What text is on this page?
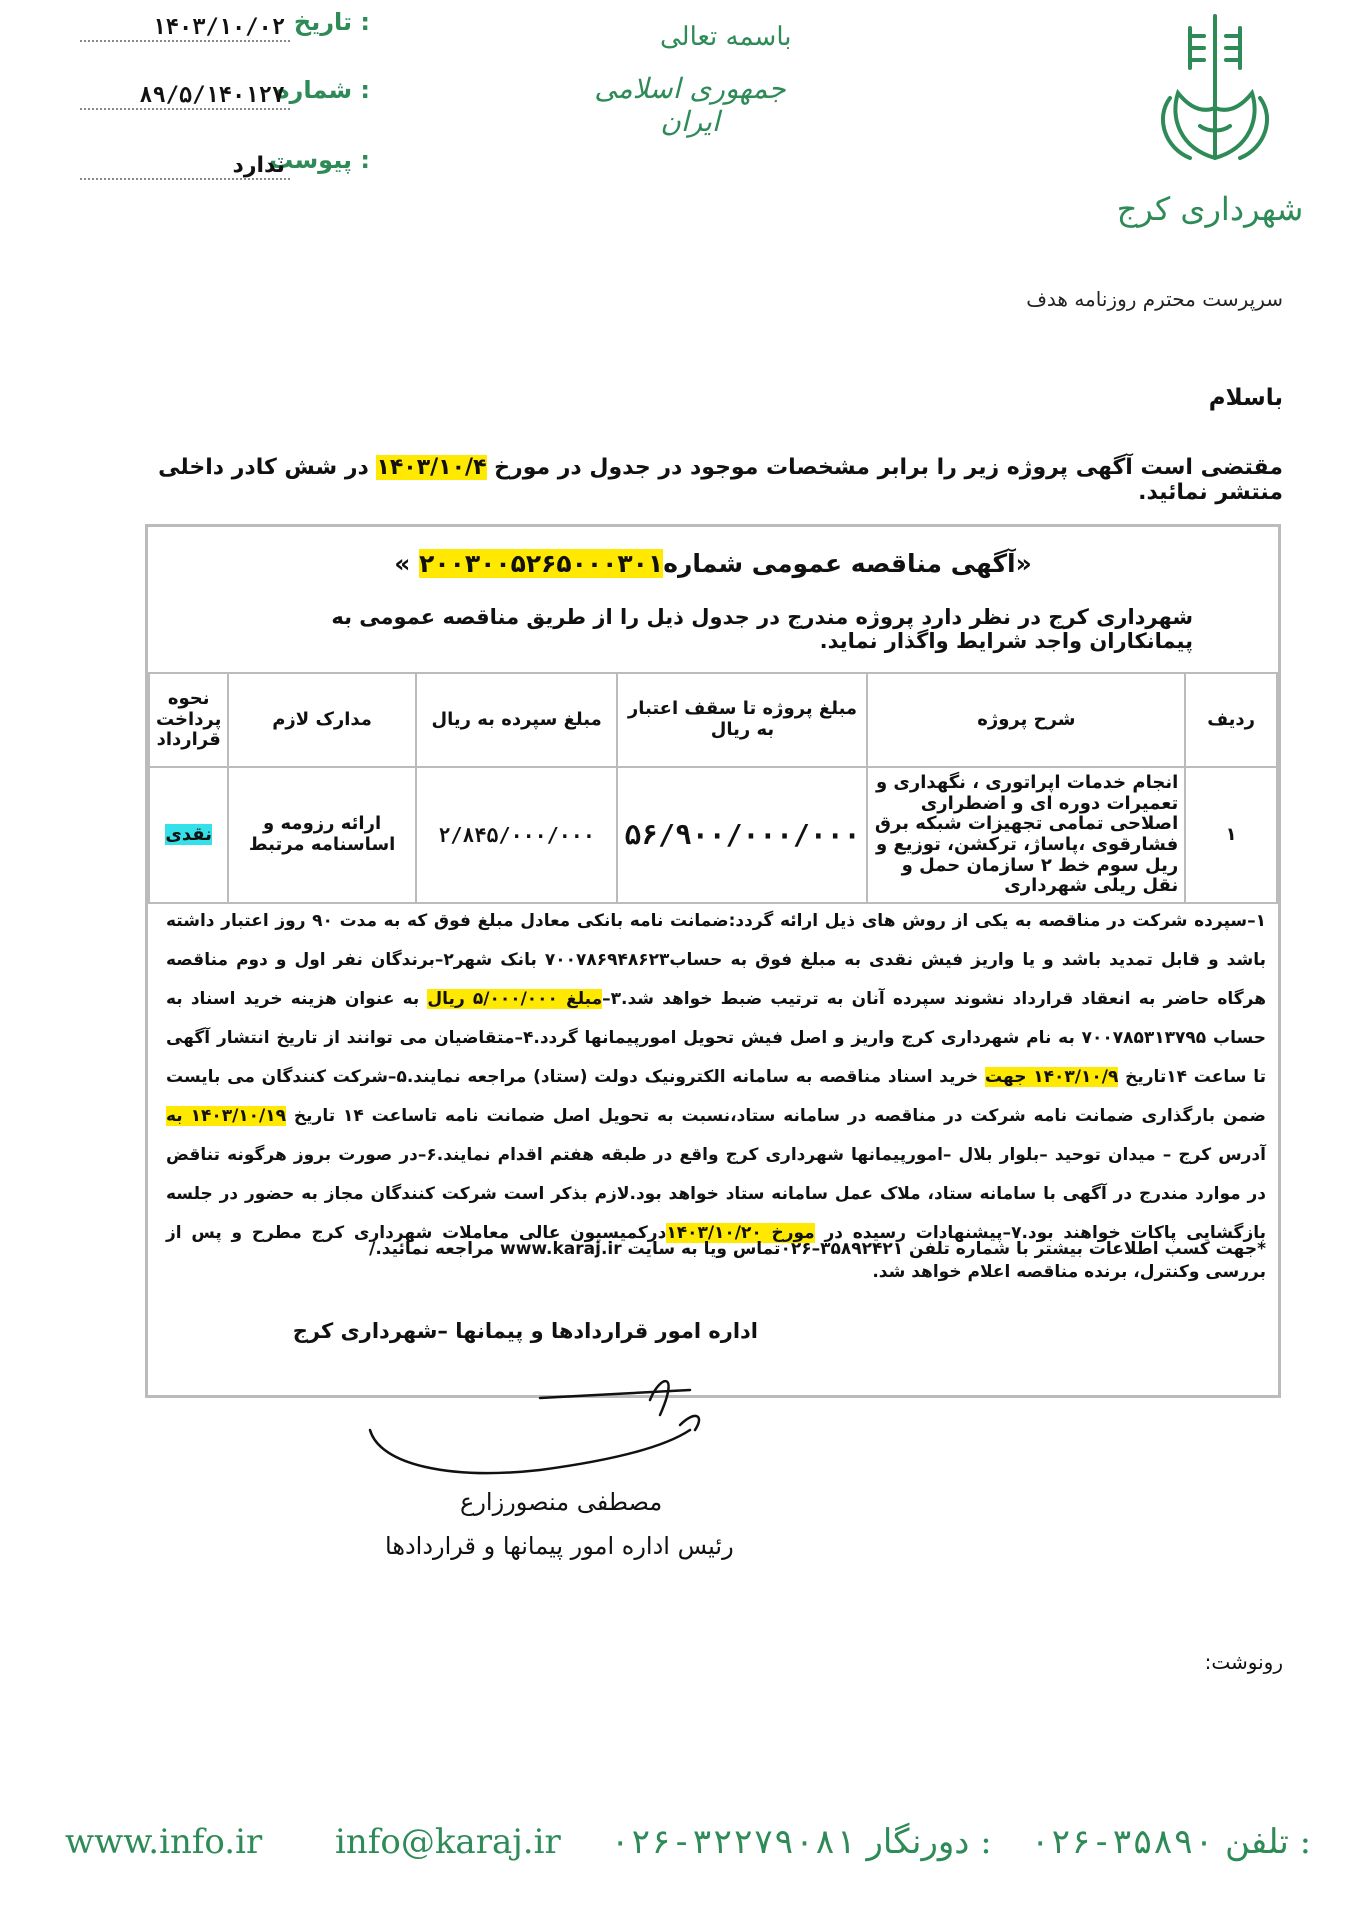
تاریخ :
۱۴۰۳/۱۰/۰۲
شماره :
۸۹/۵/۱۴۰۱۲۷
پیوست :
ندارد
باسمه تعالی
جمهوری اسلامی ایران
شهرداری کرج
سرپرست محترم روزنامه هدف
باسلام
مقتضی است آگهی پروژه زیر را برابر مشخصات موجود در جدول در مورخ ۱۴۰۳/۱۰/۴ در شش کادر داخلی منتشر نمائید.
«آگهی مناقصه عمومی شماره۲۰۰۳۰۰۵۲۶۵۰۰۰۳۰۱ »
شهرداری کرج در نظر دارد پروژه مندرج در جدول ذیل را از طریق مناقصه عمومی به پیمانکاران واجد شرایط واگذار نماید.
ردیف	شرح پروژه	مبلغ پروژه تا سقف اعتبار به ریال	مبلغ سپرده به ریال	مدارک لازم	نحوه پرداخت قرارداد
۱	انجام خدمات اپراتوری ، نگهداری و تعمیرات دوره ای و اضطراری اصلاحی تمامی تجهیزات شبکه برق فشارقوی ،پاساژ، ترکشن، توزیع و ریل سوم خط ۲ سازمان حمل و نقل ریلی شهرداری	۵۶/۹۰۰/۰۰۰/۰۰۰	۲/۸۴۵/۰۰۰/۰۰۰	ارائه رزومه و اساسنامه مرتبط	نقدی
۱–سپرده شرکت در مناقصه به یکی از روش های ذیل ارائه گردد:ضمانت نامه بانکی معادل مبلغ فوق که به مدت ۹۰ روز اعتبار داشته باشد و قابل تمدید باشد و یا واریز فیش نقدی به مبلغ فوق به حساب۷۰۰۷۸۶۹۴۸۶۲۳ بانک شهر۲–برندگان نفر اول و دوم مناقصه هرگاه حاضر به انعقاد قرارداد نشوند سپرده آنان به ترتیب ضبط خواهد شد.۳–مبلغ ۵/۰۰۰/۰۰۰ ریال به عنوان هزینه خرید اسناد به حساب ۷۰۰۷۸۵۳۱۳۷۹۵ به نام شهرداری کرج واریز و اصل فیش تحویل امورپیمانها گردد.۴–متقاضیان می توانند از تاریخ انتشار آگهی تا ساعت ۱۴تاریخ ۱۴۰۳/۱۰/۹ جهت خرید اسناد مناقصه به سامانه الکترونیک دولت (ستاد) مراجعه نمایند.۵–شرکت کنندگان می بایست ضمن بارگذاری ضمانت نامه شرکت در مناقصه در سامانه ستاد،نسبت به تحویل اصل ضمانت نامه تاساعت ۱۴ تاریخ ۱۴۰۳/۱۰/۱۹ به آدرس کرج – میدان توحید –بلوار بلال –امورپیمانها شهرداری کرج واقع در طبقه هفتم اقدام نمایند.۶–در صورت بروز هرگونه تناقض در موارد مندرج در آگهی با سامانه ستاد، ملاک عمل سامانه ستاد خواهد بود.لازم بذکر است شرکت کنندگان مجاز به حضور در جلسه بازگشایی پاکات خواهند بود.۷–پیشنهادات رسیده در مورخ ۱۴۰۳/۱۰/۲۰درکمیسیون عالی معاملات شهرداری کرج مطرح و پس از بررسی وکنترل، برنده مناقصه اعلام خواهد شد.
*جهت کسب اطلاعات بیشتر با شماره تلفن ۳۵۸۹۲۴۲۱–۰۲۶تماس ویا به سایت www.karaj.ir مراجعه نمائید./
اداره امور قراردادها و پیمانها –شهرداری کرج
مصطفی منصورزارع
رئیس اداره امور پیمانها و قراردادها
رونوشت:
www.info.ir info@karaj.ir ۰۲۶-۳۲۲۷۹۰۸۱ دورنگار : ۰۲۶-۳۵۸۹۰ تلفن :
